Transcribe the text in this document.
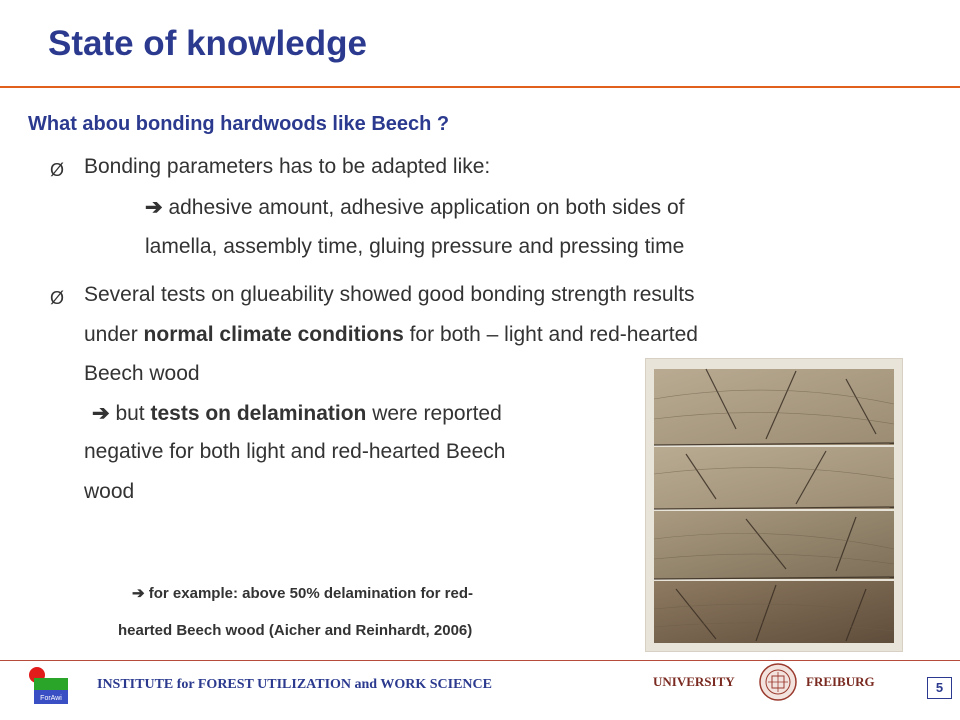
State of knowledge
What abou bonding hardwoods like Beech ?
Ø Bonding parameters has to be adapted like:
➔ adhesive amount, adhesive application on both sides of
lamella, assembly time, gluing pressure and pressing time
Ø Several tests on glueability showed good bonding strength results
under normal climate conditions for both – light and red-hearted
Beech wood
➔ but tests on delamination were reported
negative for both light and red-hearted Beech
wood
➔ for example: above 50% delamination for red-
hearted Beech wood (Aicher and Reinhardt, 2006)
ForAwi
INSTITUTE for FOREST UTILIZATION and WORK SCIENCE	UNIVERSITY	FREIBURG	5
